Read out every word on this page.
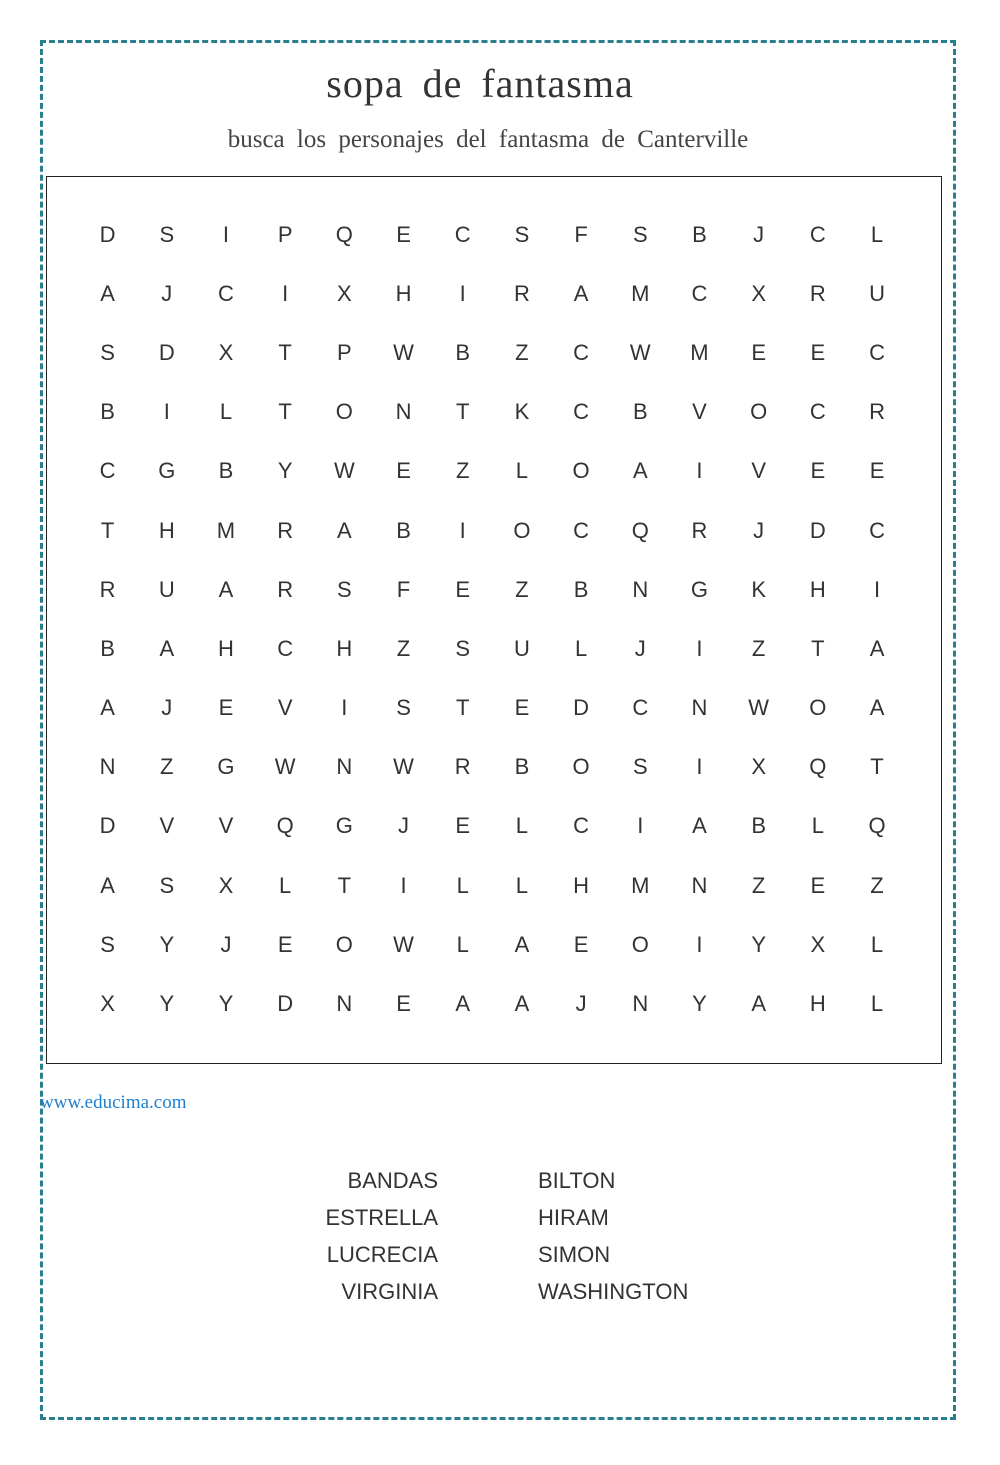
sopa de fantasma
busca los personajes del fantasma de Canterville
D	S	I	P	Q	E	C	S	F	S	B	J	C	L
A	J	C	I	X	H	I	R	A	M	C	X	R	U
S	D	X	T	P	W	B	Z	C	W	M	E	E	C
B	I	L	T	O	N	T	K	C	B	V	O	C	R
C	G	B	Y	W	E	Z	L	O	A	I	V	E	E
T	H	M	R	A	B	I	O	C	Q	R	J	D	C
R	U	A	R	S	F	E	Z	B	N	G	K	H	I
B	A	H	C	H	Z	S	U	L	J	I	Z	T	A
A	J	E	V	I	S	T	E	D	C	N	W	O	A
N	Z	G	W	N	W	R	B	O	S	I	X	Q	T
D	V	V	Q	G	J	E	L	C	I	A	B	L	Q
A	S	X	L	T	I	L	L	H	M	N	Z	E	Z
S	Y	J	E	O	W	L	A	E	O	I	Y	X	L
X	Y	Y	D	N	E	A	A	J	N	Y	A	H	L
www.educima.com
BANDAS	BILTON
ESTRELLA	HIRAM
LUCRECIA	SIMON
VIRGINIA	WASHINGTON
